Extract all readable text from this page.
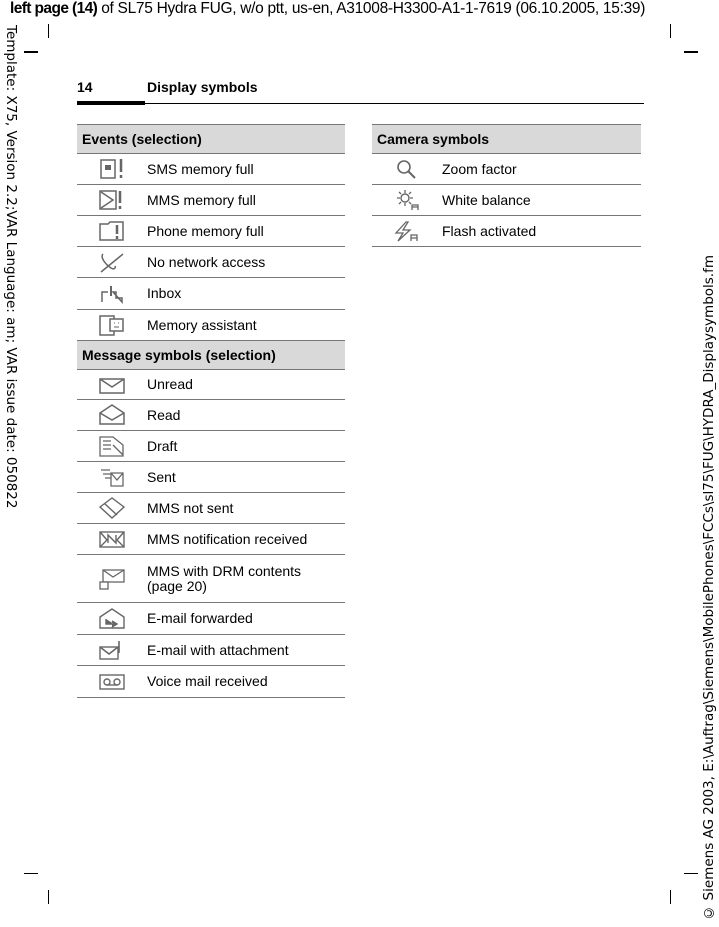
left page (14) of SL75 Hydra FUG, w/o ptt, us-en, A31008-H3300-A1-1-7619 (06.10.2005, 15:39)
Template: X75, Version 2.2;VAR Language: am; VAR issue date: 050822	© Siemens AG 2003, E:\Auftrag\Siemens\MobilePhones\FCCs\sl75\FUG\HYDRA_Displaysymbols.fm
14	Display symbols
Events (selection)
SMS memory full
MMS memory full
Phone memory full
No network access
Inbox
Memory assistant
Message symbols (selection)
Unread
Read
Draft
Sent
MMS not sent
MMS notification received
MMS with DRM contents (page 20)
E-mail forwarded
E-mail with attachment
Voice mail received
Camera symbols
Zoom factor
White balance
Flash activated
